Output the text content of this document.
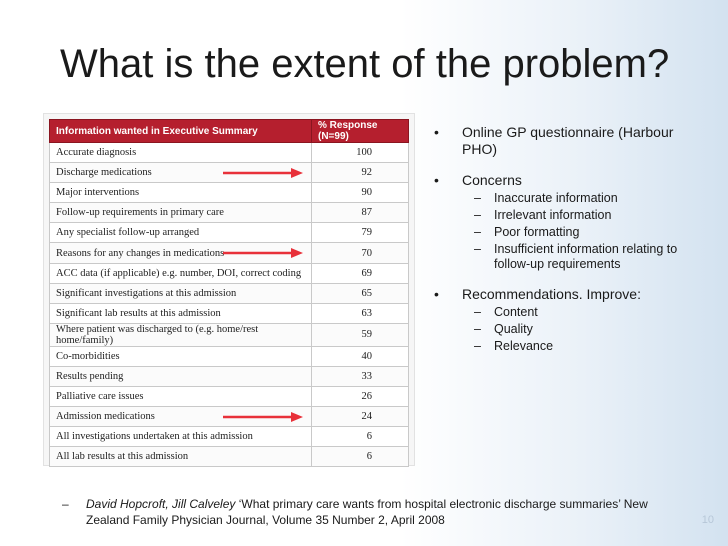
What is the extent of the problem?
Information wanted in Executive Summary	% Response (N=99)
Accurate diagnosis	100
Discharge medications	92
Major interventions	90
Follow-up requirements in primary care	87
Any specialist follow-up arranged	79
Reasons for any changes in medications	70
ACC data (if applicable) e.g. number, DOI, correct coding	69
Significant investigations at this admission	65
Significant lab results at this admission	63
Where patient was discharged to (e.g. home/rest home/family)	59
Co-morbidities	40
Results pending	33
Palliative care issues	26
Admission medications	24
All investigations undertaken at this admission	6
All lab results at this admission	6
• Online GP questionnaire (Harbour PHO)
• Concerns
– Inaccurate information
– Irrelevant information
– Poor formatting
– Insufficient information relating to follow-up requirements
• Recommendations. Improve:
– Content
– Quality
– Relevance
–	David Hopcroft, Jill Calveley ‘What primary care wants from hospital electronic discharge summaries’ New Zealand Family Physician Journal, Volume 35 Number 2, April 2008	10
